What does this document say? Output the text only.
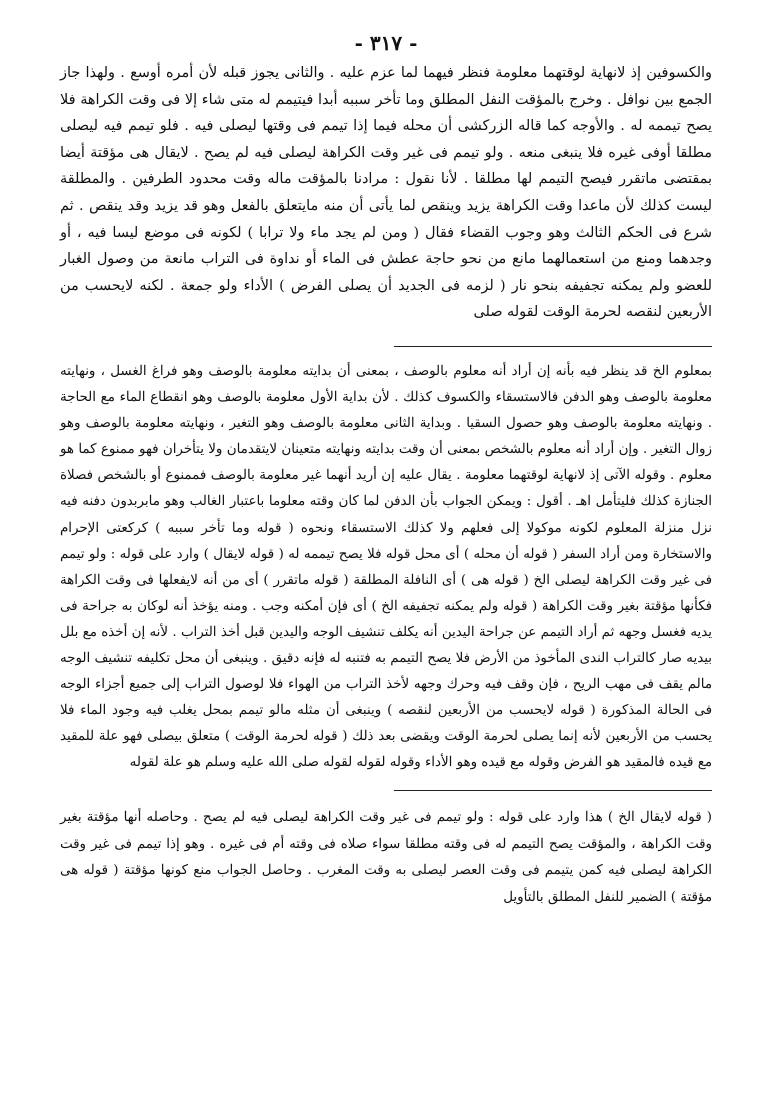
- ٣١٧ -
والكسوفين إذ لانهاية لوقتهما معلومة فنظر فيهما لما عزم عليه . والثانى يجوز قبله لأن أمره أوسع . ولهذا جاز الجمع بين نوافل . وخرج بالمؤقت النفل المطلق وما تأخر سببه أبدا فيتيمم له متى شاء إلا فى وقت الكراهة فلا يصح تيممه له . والأوجه كما قاله الزركشى أن محله فيما إذا تيمم فى وقتها ليصلى فيه . فلو تيمم فيه ليصلى مطلقا أوفى غيره فلا ينبغى منعه . ولو تيمم فى غير وقت الكراهة ليصلى فيه لم يصح . لايقال هى مؤقتة أيضا بمقتضى ماتقرر فيصح التيمم لها مطلقا . لأنا نقول : مرادنا بالمؤقت ماله وقت محدود الطرفين . والمطلقة ليست كذلك لأن ماعدا وقت الكراهة يزيد وينقص لما يأتى أن منه مايتعلق بالفعل وهو قد يزيد وقد ينقص . ثم شرع فى الحكم الثالث وهو وجوب القضاء فقال ( ومن لم يجد ماء ولا ترابا ) لكونه فى موضع ليسا فيه ، أو وجدهما ومنع من استعمالهما مانع من نحو حاجة عطش فى الماء أو نداوة فى التراب مانعة من وصول الغبار للعضو ولم يمكنه تجفيفه بنحو نار ( لزمه فى الجديد أن يصلى الفرض ) الأداء ولو جمعة . لكنه لايحسب من الأربعين لنقصه لحرمة الوقت لقوله صلى
بمعلوم الخ قد ينظر فيه بأنه إن أراد أنه معلوم بالوصف ، بمعنى أن بدايته معلومة بالوصف وهو فراغ الغسل ، ونهايته معلومة بالوصف وهو الدفن فالاستسقاء والكسوف كذلك . لأن بداية الأول معلومة بالوصف وهو انقطاع الماء مع الحاجة . ونهايته معلومة بالوصف وهو حصول السقيا . وبداية الثانى معلومة بالوصف وهو التغير ، ونهايته معلومة بالوصف وهو زوال التغير . وإن أراد أنه معلوم بالشخص بمعنى أن وقت بدايته ونهايته متعينان لايتقدمان ولا يتأخران فهو ممنوع كما هو معلوم . وقوله الآتى إذ لانهاية لوقتهما معلومة . يقال عليه إن أريد أنهما غير معلومة بالوصف فممنوع أو بالشخص فصلاة الجنازة كذلك فليتأمل اهـ . أقول : ويمكن الجواب بأن الدفن لما كان وقته معلوما باعتبار الغالب وهو مابربدون دفنه فيه نزل منزلة المعلوم لكونه موكولا إلى فعلهم ولا كذلك الاستسقاء ونحوه ( قوله وما تأخر سببه ) كركعتى الإحرام والاستخارة ومن أراد السفر ( قوله أن محله ) أى محل قوله فلا يصح تيممه له ( قوله لايقال ) وارد على قوله : ولو تيمم فى غير وقت الكراهة ليصلى الخ ( قوله هى ) أى النافلة المطلقة ( قوله ماتقرر ) أى من أنه لايفعلها فى وقت الكراهة فكأنها مؤقتة بغير وقت الكراهة ( قوله ولم يمكنه تجفيفه الخ ) أى فإن أمكنه وجب . ومنه يؤخذ أنه لوكان به جراحة فى يديه فغسل وجهه ثم أراد التيمم عن جراحة اليدين أنه يكلف تنشيف الوجه واليدين قبل أخذ التراب . لأنه إن أخذه مع بلل بيديه صار كالتراب الندى المأخوذ من الأرض فلا يصح التيمم به فتنبه له فإنه دقيق . وينبغى أن محل تكليفه تنشيف الوجه مالم يقف فى مهب الريح ، فإن وقف فيه وحرك وجهه لأخذ التراب من الهواء فلا لوصول التراب إلى جميع أجزاء الوجه فى الحالة المذكورة ( قوله لايحسب من الأربعين لنقصه ) وينبغى أن مثله مالو تيمم بمحل يغلب فيه وجود الماء فلا يحسب من الأربعين لأنه إنما يصلى لحرمة الوقت ويقضى بعد ذلك ( قوله لحرمة الوقت ) متعلق بيصلى فهو علة للمقيد مع قيده فالمقيد هو الفرض وقوله مع قيده وهو الأداء وقوله لقوله لقوله صلى الله عليه وسلم هو علة لقوله
( قوله لايقال الخ ) هذا وارد على قوله : ولو تيمم فى غير وقت الكراهة ليصلى فيه لم يصح . وحاصله أنها مؤقتة بغير وقت الكراهة ، والمؤقت يصح التيمم له فى وقته مطلقا سواء صلاه فى وقته أم فى غيره . وهو إذا تيمم فى غير وقت الكراهة ليصلى فيه كمن يتيمم فى وقت العصر ليصلى به وقت المغرب . وحاصل الجواب منع كونها مؤقتة ( قوله هى مؤقتة ) الضمير للنفل المطلق بالتأويل
